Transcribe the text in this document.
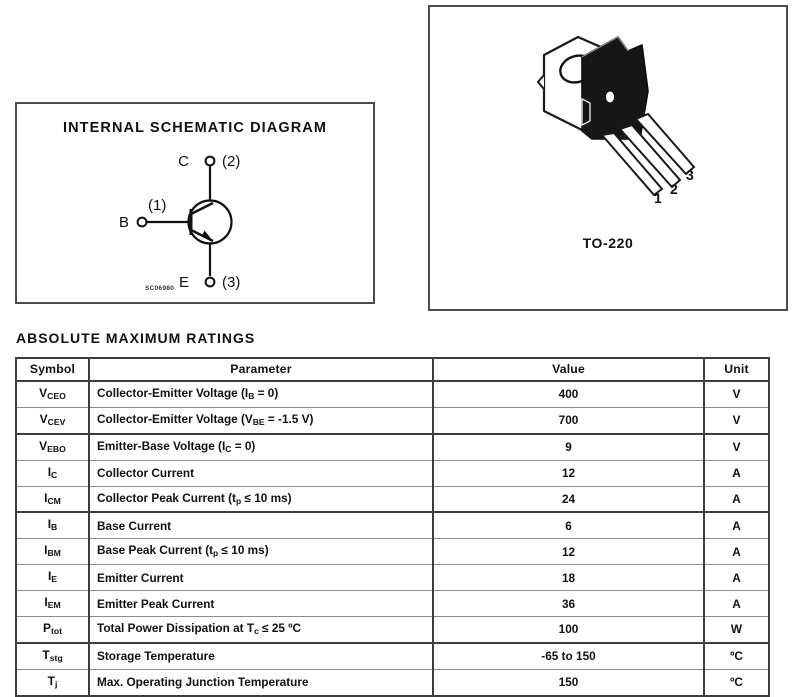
INTERNAL SCHEMATIC DIAGRAM
C (2)
B
(1)
E (3)
SC06980
1
2
3
TO-220
ABSOLUTE MAXIMUM RATINGS
Symbol	Parameter	Value	Unit
$V_{CEO}$	Collector-Emitter Voltage $(I_B = 0)$	400	V
$V_{CEV}$	Collector-Emitter Voltage ($V_{BE} = -1.5$ V)	700	V
$V_{EBO}$	Emitter-Base Voltage $(I_C = 0)$	9	V
$I_C$	Collector Current	12	A
$I_{CM}$	Collector Peak Current ($t_p \le 10$ ms)	24	A
$I_B$	Base Current	6	A
$I_{BM}$	Base Peak Current ($t_p \le 10$ ms)	12	A
$I_E$	Emitter Current	18	A
$I_{EM}$	Emitter Peak Current	36	A
$P_{tot}$	Total Power Dissipation at $T_c \le 25$ ºC	100	W
$T_{stg}$	Storage Temperature	-65 to 150	ºC
$T_j$	Max. Operating Junction Temperature	150	ºC
